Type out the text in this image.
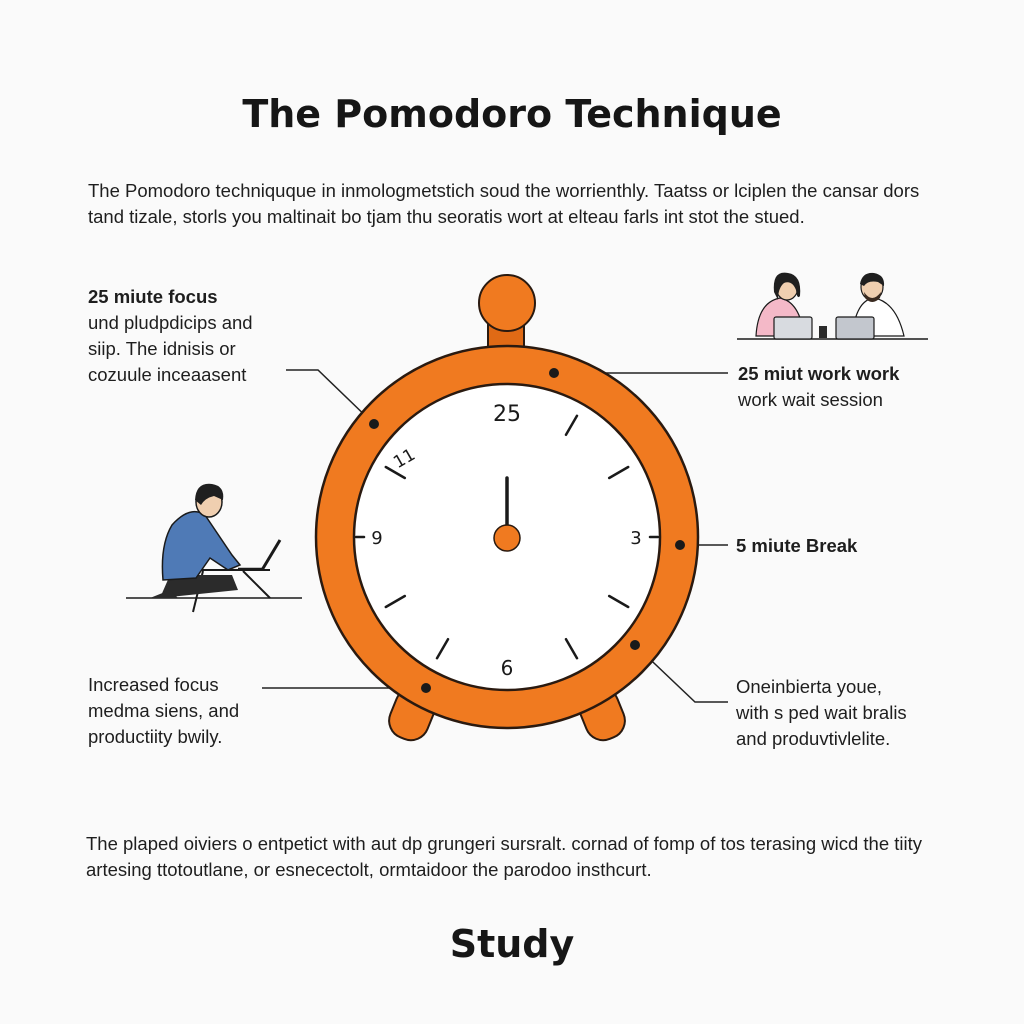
The Pomodoro Technique
The Pomodoro techniquque in inmologmetstich soud the worrienthly. Taatss or lciplen the cansar dors tand tizale, storls you maltinait bo tjam thu seoratis wort at elteau farls int stot the stued.
25 miute focus
und pludpdicips and
siip. The idnisis or
cozuule inceaasent	25 miut work work
work wait session
5 miute Break
Increased focus
medma siens, and
productiity bwily.
Oneinbierta youe,
with s ped wait bralis
and produvtivlelite.
25
3
6
9
11
The plaped oiviers o entpetict with aut dp grungeri sursralt. cornad of fomp of tos terasing wicd the tiity artesing ttotoutlane, or esnecectolt, ormtaidoor the parodoo insthcurt.
Study
